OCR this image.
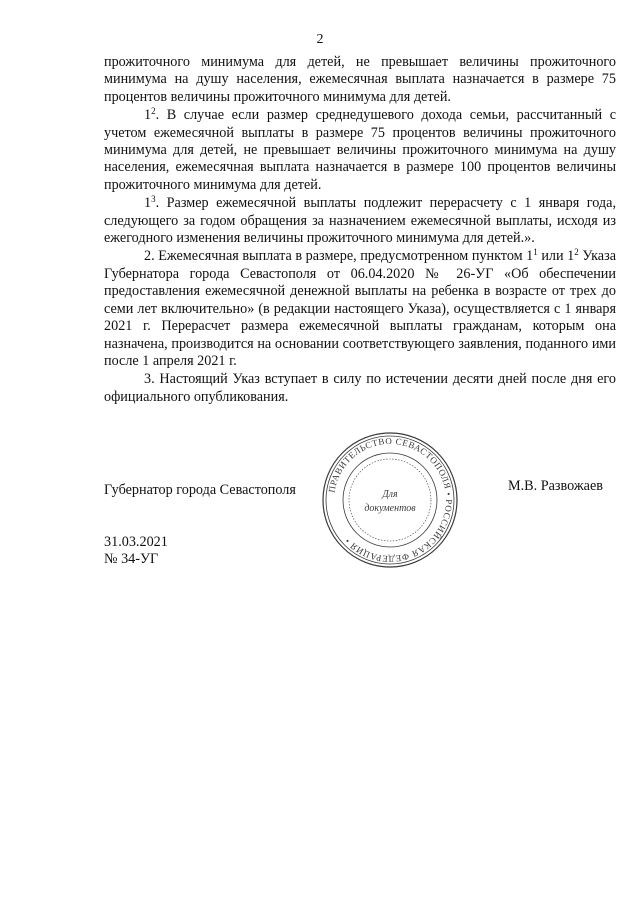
2

прожиточного минимума для детей, не превышает величины прожиточного минимума на душу населения, ежемесячная выплата назначается в размере 75 процентов величины прожиточного минимума для детей.

$1^2$. В случае если размер среднедушевого дохода семьи, рассчитанный с учетом ежемесячной выплаты в размере 75 процентов величины прожиточного минимума для детей, не превышает величины прожиточного минимума на душу населения, ежемесячная выплата назначается в размере 100 процентов величины прожиточного минимума для детей.

$1^3$. Размер ежемесячной выплаты подлежит перерасчету с 1 января года, следующего за годом обращения за назначением ежемесячной выплаты, исходя из ежегодного изменения величины прожиточного минимума для детей.».

2. Ежемесячная выплата в размере, предусмотренном пунктом $1^1$ или $1^2$ Указа Губернатора города Севастополя от 06.04.2020 № 26-УГ «Об обеспечении предоставления ежемесячной денежной выплаты на ребенка в возрасте от трех до семи лет включительно» (в редакции настоящего Указа), осуществляется с 1 января 2021 г. Перерасчет размера ежемесячной выплаты гражданам, которым она назначена, производится на основании соответствующего заявления, поданного ими после 1 апреля 2021 г.

3. Настоящий Указ вступает в силу по истечении десяти дней после дня его официального опубликования.

Губернатор города Севастополя	ПРАВИТЕЛЬСТВО СЕВАСТОПОЛЯ • РОССИЙСКАЯ ФЕДЕРАЦИЯ •
Для
документов
М.В. Развожаев
31.03.2021
№ 34-УГ
